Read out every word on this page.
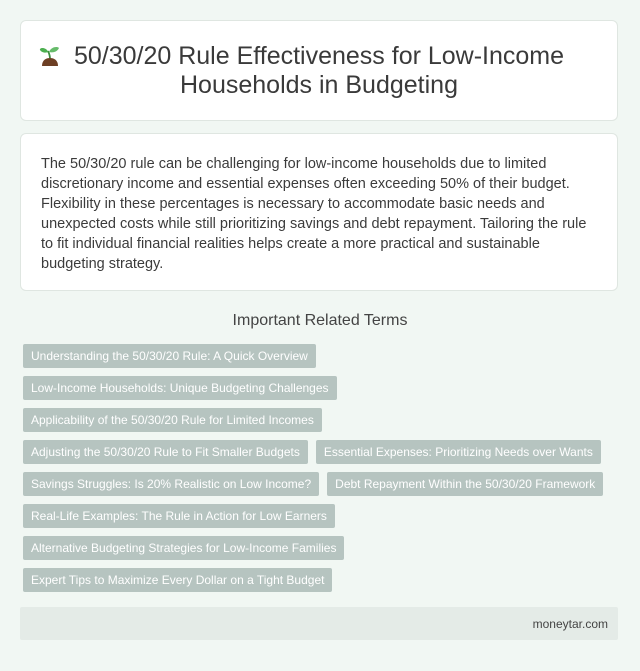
50/30/20 Rule Effectiveness for Low-Income Households in Budgeting

The 50/30/20 rule can be challenging for low-income households due to limited discretionary income and essential expenses often exceeding 50% of their budget. Flexibility in these percentages is necessary to accommodate basic needs and unexpected costs while still prioritizing savings and debt repayment. Tailoring the rule to fit individual financial realities helps create a more practical and sustainable budgeting strategy.

Important Related Terms
Understanding the 50/30/20 Rule: A Quick Overview
Low-Income Households: Unique Budgeting Challenges
Applicability of the 50/30/20 Rule for Limited Incomes
Adjusting the 50/30/20 Rule to Fit Smaller Budgets	Essential Expenses: Prioritizing Needs over Wants
Savings Struggles: Is 20% Realistic on Low Income?	Debt Repayment Within the 50/30/20 Framework
Real-Life Examples: The Rule in Action for Low Earners
Alternative Budgeting Strategies for Low-Income Families
Expert Tips to Maximize Every Dollar on a Tight Budget
moneytar.com
